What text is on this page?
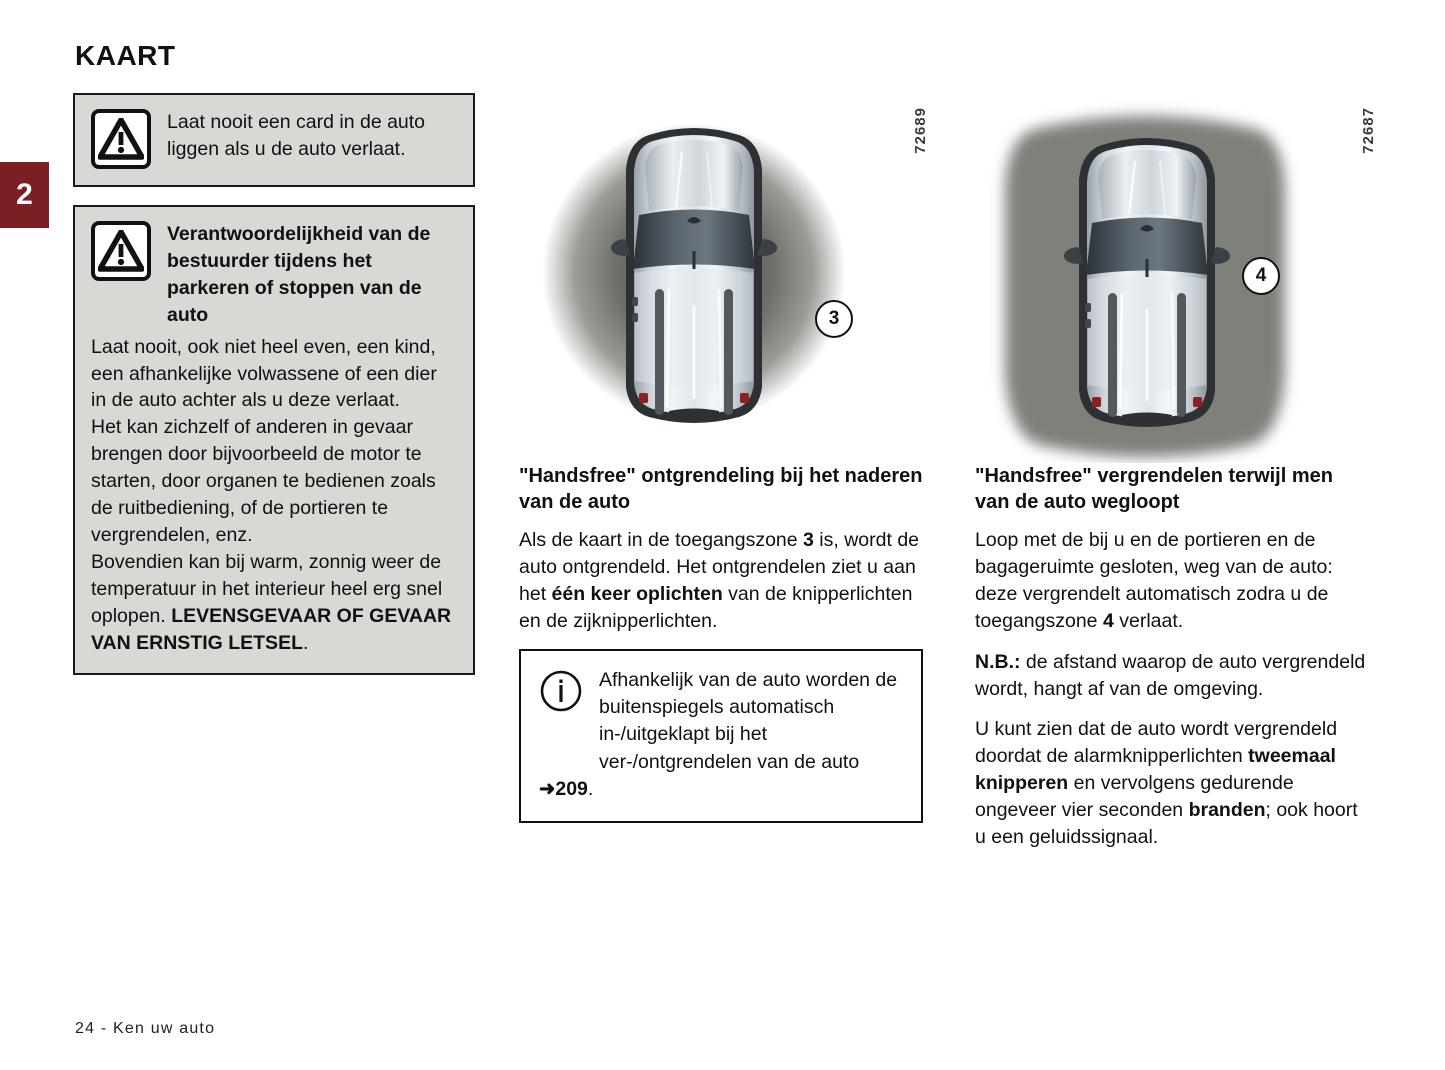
2
KAART
Laat nooit een card in de auto liggen als u de auto verlaat.
Verantwoordelijkheid van de bestuurder tijdens het parkeren of stoppen van de auto

Laat nooit, ook niet heel even, een kind, een afhankelijke volwassene of een dier in de auto achter als u deze verlaat.

Het kan zichzelf of anderen in gevaar brengen door bijvoorbeeld de motor te starten, door organen te bedienen zoals de ruitbediening, of de portieren te vergrendelen, enz.

Bovendien kan bij warm, zonnig weer de temperatuur in het interieur heel erg snel oplopen. LEVENSGEVAAR OF GEVAAR VAN ERNSTIG LETSEL.

72689
3
"Handsfree" ontgrendeling bij het naderen van de auto

Als de kaart in de toegangszone 3 is, wordt de auto ontgrendeld. Het ontgrendelen ziet u aan het één keer oplichten van de knipperlichten en de zijknipperlichten.

Afhankelijk van de auto worden de buitenspiegels automatisch in-/uitgeklapt bij het ver-/ontgrendelen van de auto
➜209.
72687
4
"Handsfree" vergrendelen terwijl men van de auto wegloopt

Loop met de bij u en de portieren en de bagageruimte gesloten, weg van de auto: deze vergrendelt automatisch zodra u de toegangszone 4 verlaat.

N.B.: de afstand waarop de auto vergrendeld wordt, hangt af van de omgeving.

U kunt zien dat de auto wordt vergrendeld doordat de alarmknipperlichten tweemaal knipperen en vervolgens gedurende ongeveer vier seconden branden; ook hoort u een geluidssignaal.

24 - Ken uw auto
